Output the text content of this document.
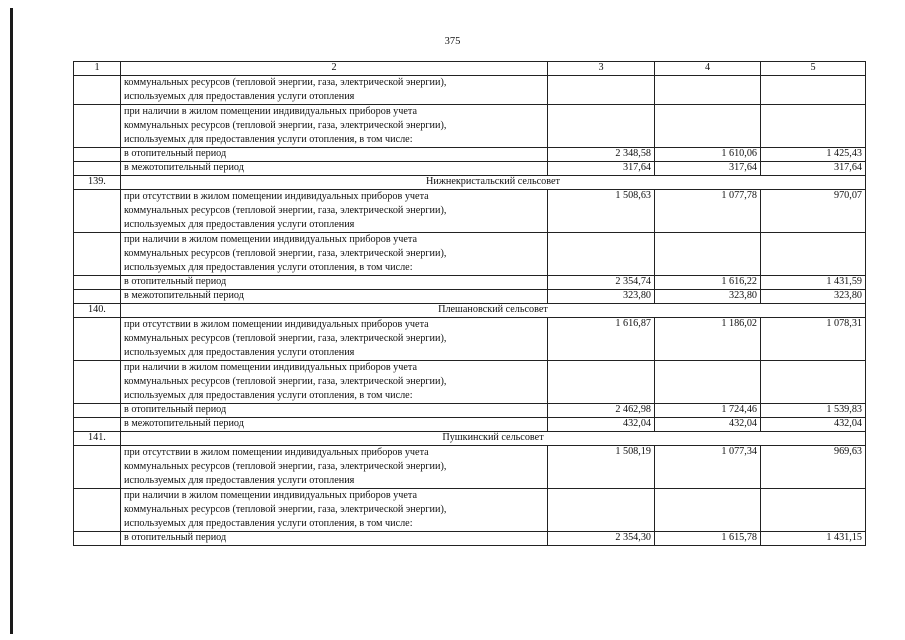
375
1	2	3	4	5

	коммунальных ресурсов (тепловой энергии, газа, электрической энергии),
используемых для предоставления услуги отопления			

	при наличии в жилом помещении индивидуальных приборов учета
коммунальных ресурсов (тепловой энергии, газа, электрической энергии),
используемых для предоставления услуги отопления, в том числе:			

	в отопительный период	2 348,58	1 610,06	1 425,43

	в межотопительный период	317,64	317,64	317,64
139.	Нижнекристальский сельсовет			

	при отсутствии в жилом помещении индивидуальных приборов учета
коммунальных ресурсов (тепловой энергии, газа, электрической энергии),
используемых для предоставления услуги отопления	1 508,63	1 077,78	970,07

	при наличии в жилом помещении индивидуальных приборов учета
коммунальных ресурсов (тепловой энергии, газа, электрической энергии),
используемых для предоставления услуги отопления, в том числе:			

	в отопительный период	2 354,74	1 616,22	1 431,59

	в межотопительный период	323,80	323,80	323,80
140.	Плешановский сельсовет			

	при отсутствии в жилом помещении индивидуальных приборов учета
коммунальных ресурсов (тепловой энергии, газа, электрической энергии),
используемых для предоставления услуги отопления	1 616,87	1 186,02	1 078,31

	при наличии в жилом помещении индивидуальных приборов учета
коммунальных ресурсов (тепловой энергии, газа, электрической энергии),
используемых для предоставления услуги отопления, в том числе:			

	в отопительный период	2 462,98	1 724,46	1 539,83

	в межотопительный период	432,04	432,04	432,04
141.	Пушкинский сельсовет			

	при отсутствии в жилом помещении индивидуальных приборов учета
коммунальных ресурсов (тепловой энергии, газа, электрической энергии),
используемых для предоставления услуги отопления	1 508,19	1 077,34	969,63

	при наличии в жилом помещении индивидуальных приборов учета
коммунальных ресурсов (тепловой энергии, газа, электрической энергии),
используемых для предоставления услуги отопления, в том числе:			

	в отопительный период	2 354,30	1 615,78	1 431,15
